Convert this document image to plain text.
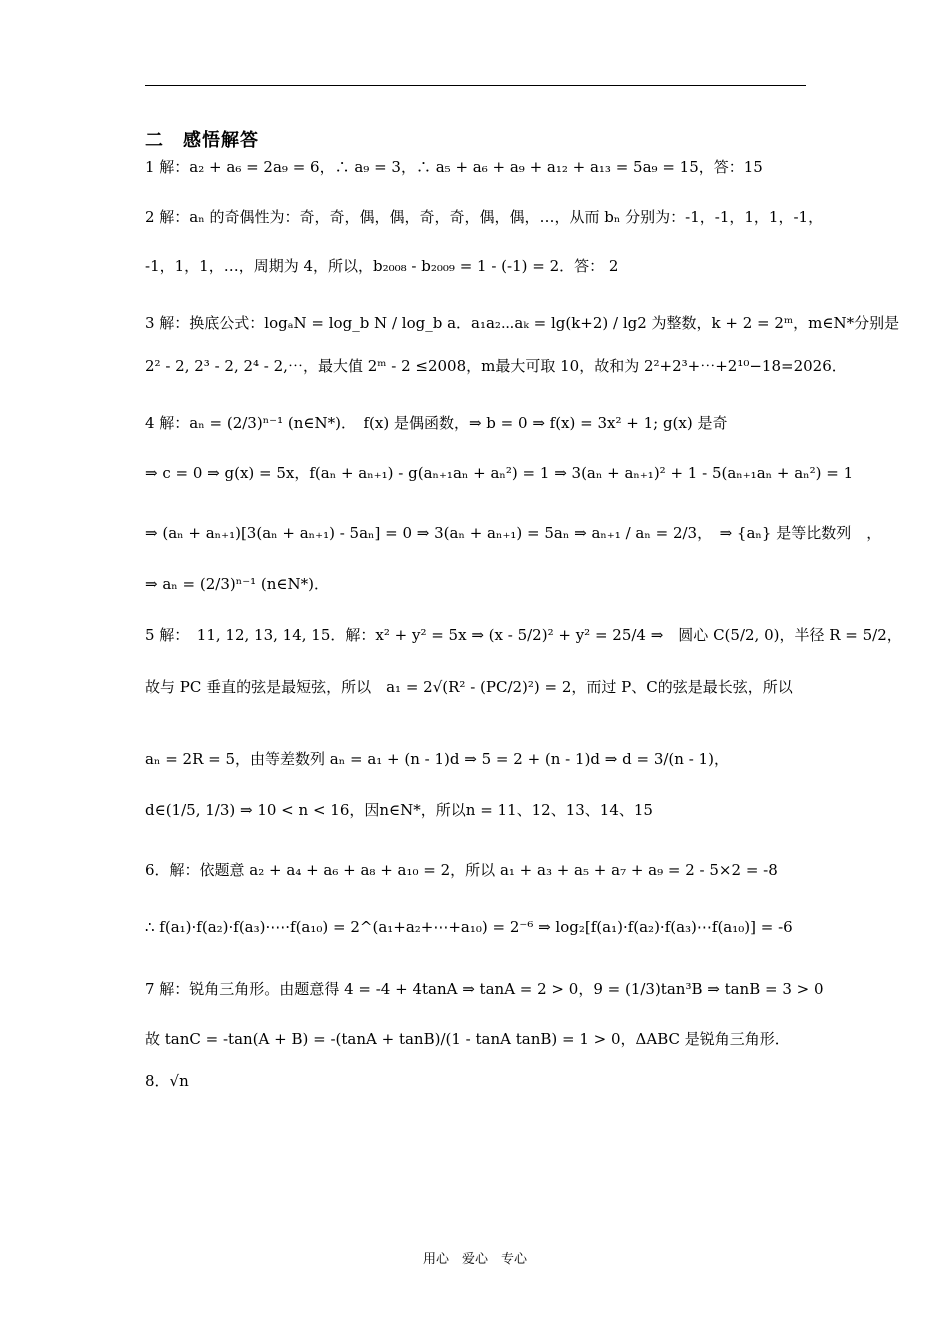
二　感悟解答
1 解：a₂ + a₆ = 2a₉ = 6，∴ a₉ = 3，∴ a₅ + a₆ + a₉ + a₁₂ + a₁₃ = 5a₉ = 15，答：15
2 解：aₙ 的奇偶性为：奇，奇，偶，偶，奇，奇，偶，偶，…，从而 bₙ 分别为：-1，-1，1，1，-1，
-1，1，1，…，周期为 4，所以，b₂₀₀₈ - b₂₀₀₉ = 1 - (-1) = 2．答： 2
3 解：换底公式：logₐN = log_b N / log_b a．a₁a₂⋯aₖ = lg(k+2) / lg2 为整数，k + 2 = 2ᵐ，m∈N*分别是
2² - 2, 2³ - 2, 2⁴ - 2,⋯，最大值 2ᵐ - 2 ≤2008，m最大可取 10，故和为 2²+2³+⋯+2¹⁰−18=2026．
4 解：aₙ = (2/3)ⁿ⁻¹ (n∈N*)．　f(x) 是偶函数，⇒ b = 0 ⇒ f(x) = 3x² + 1; g(x) 是奇
⇒ c = 0 ⇒ g(x) = 5x，f(aₙ + aₙ₊₁) - g(aₙ₊₁aₙ + aₙ²) = 1 ⇒ 3(aₙ + aₙ₊₁)² + 1 - 5(aₙ₊₁aₙ + aₙ²) = 1
⇒ (aₙ + aₙ₊₁)[3(aₙ + aₙ₊₁) - 5aₙ] = 0 ⇒ 3(aₙ + aₙ₊₁) = 5aₙ ⇒ aₙ₊₁ / aₙ = 2/3，　⇒ {aₙ} 是等比数列　，
⇒ aₙ = (2/3)ⁿ⁻¹ (n∈N*)．
5 解：　11, 12, 13, 14, 15．解：x² + y² = 5x ⇒ (x - 5/2)² + y² = 25/4 ⇒　圆心 C(5/2, 0)，半径 R = 5/2，
故与 PC 垂直的弦是最短弦，所以　a₁ = 2√(R² - (PC/2)²) = 2，而过 P、C的弦是最长弦，所以
aₙ = 2R = 5，由等差数列 aₙ = a₁ + (n - 1)d ⇒ 5 = 2 + (n - 1)d ⇒ d = 3/(n - 1)，
d∈(1/5, 1/3) ⇒ 10 < n < 16，因n∈N*，所以n = 11、12、13、14、15
6．解：依题意 a₂ + a₄ + a₆ + a₈ + a₁₀ = 2，所以 a₁ + a₃ + a₅ + a₇ + a₉ = 2 - 5×2 = -8
∴ f(a₁)·f(a₂)·f(a₃)·⋯·f(a₁₀) = 2^(a₁+a₂+⋯+a₁₀) = 2⁻⁶ ⇒ log₂[f(a₁)·f(a₂)·f(a₃)⋯f(a₁₀)] = -6
7 解：锐角三角形。由题意得 4 = -4 + 4tanA ⇒ tanA = 2 > 0，9 = (1/3)tan³B ⇒ tanB = 3 > 0
故 tanC = -tan(A + B) = -(tanA + tanB)/(1 - tanA tanB) = 1 > 0，ΔABC 是锐角三角形．
8．√n
用心　爱心　专心
